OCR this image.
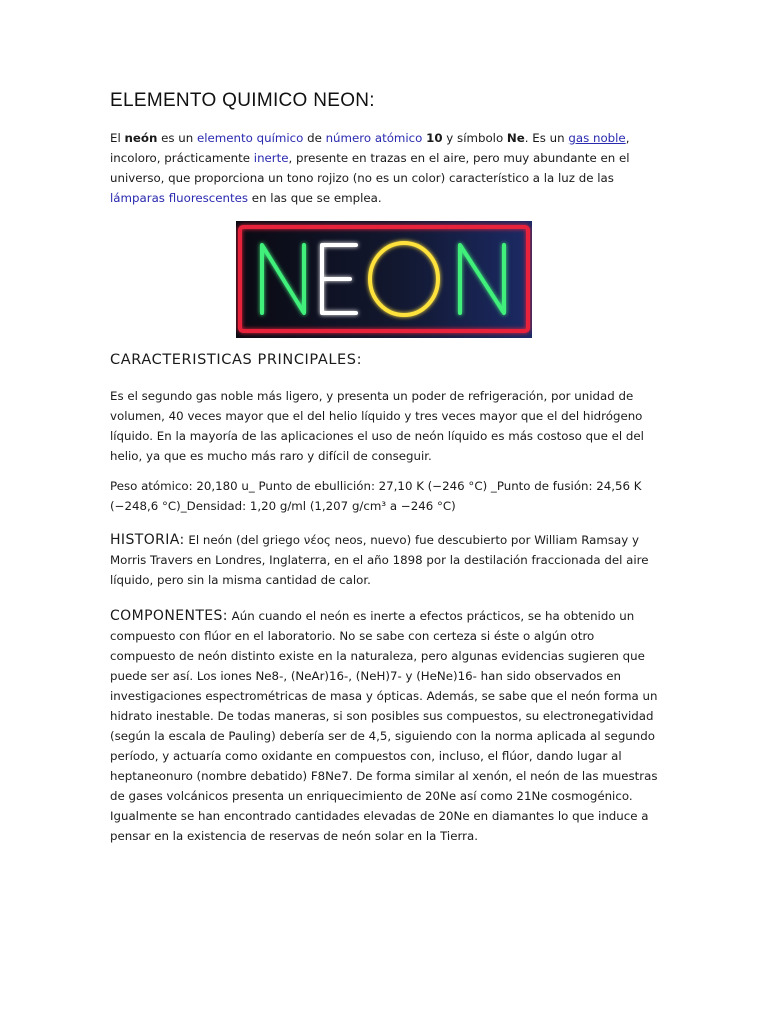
ELEMENTO QUIMICO NEON:

El neón es un elemento químico de número atómico 10 y símbolo Ne. Es un gas noble, incoloro, prácticamente inerte, presente en trazas en el aire, pero muy abundante en el universo, que proporciona un tono rojizo (no es un color) característico a la luz de las lámparas fluorescentes en las que se emplea.

CARACTERISTICAS PRINCIPALES:

Es el segundo gas noble más ligero, y presenta un poder de refrigeración, por unidad de volumen, 40 veces mayor que el del helio líquido y tres veces mayor que el del hidrógeno líquido. En la mayoría de las aplicaciones el uso de neón líquido es más costoso que el del helio, ya que es mucho más raro y difícil de conseguir.

Peso atómico: 20,180 u_ Punto de ebullición: 27,10 K (−246 °C) _Punto de fusión: 24,56 K (−248,6 °C)_Densidad: 1,20 g/ml (1,207 g/cm³ a −246 °C)

HISTORIA: El neón (del griego νέος neos, nuevo) fue descubierto por William Ramsay y Morris Travers en Londres, Inglaterra, en el año 1898 por la destilación fraccionada del aire líquido, pero sin la misma cantidad de calor.

COMPONENTES: Aún cuando el neón es inerte a efectos prácticos, se ha obtenido un compuesto con flúor en el laboratorio. No se sabe con certeza si éste o algún otro compuesto de neón distinto existe en la naturaleza, pero algunas evidencias sugieren que puede ser así. Los iones Ne8-, (NeAr)16-, (NeH)7- y (HeNe)16- han sido observados en investigaciones espectrométricas de masa y ópticas. Además, se sabe que el neón forma un hidrato inestable. De todas maneras, si son posibles sus compuestos, su electronegatividad (según la escala de Pauling) debería ser de 4,5, siguiendo con la norma aplicada al segundo período, y actuaría como oxidante en compuestos con, incluso, el flúor, dando lugar al heptaneonuro (nombre debatido) F8Ne7. De forma similar al xenón, el neón de las muestras de gases volcánicos presenta un enriquecimiento de 20Ne así como 21Ne cosmogénico. Igualmente se han encontrado cantidades elevadas de 20Ne en diamantes lo que induce a pensar en la existencia de reservas de neón solar en la Tierra.
